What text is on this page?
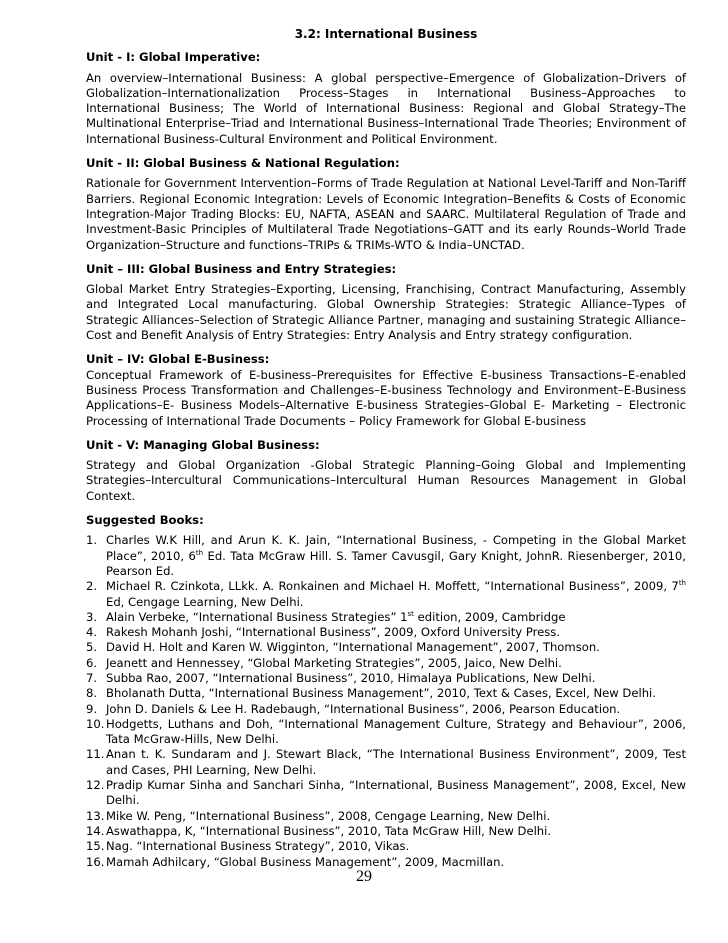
3.2: International Business
Unit - I: Global Imperative:
An overview–International Business: A global perspective–Emergence of Globalization–Drivers of Globalization–Internationalization Process–Stages in International Business–Approaches to International Business; The World of International Business: Regional and Global Strategy–The Multinational Enterprise–Triad and International Business–International Trade Theories; Environment of International Business-Cultural Environment and Political Environment.
Unit - II: Global Business & National Regulation:
Rationale for Government Intervention–Forms of Trade Regulation at National Level-Tariff and Non-Tariff Barriers. Regional Economic Integration: Levels of Economic Integration–Benefits & Costs of Economic Integration-Major Trading Blocks: EU, NAFTA, ASEAN and SAARC. Multilateral Regulation of Trade and Investment-Basic Principles of Multilateral Trade Negotiations–GATT and its early Rounds–World Trade Organization–Structure and functions–TRIPs & TRIMs-WTO & India–UNCTAD.
Unit – III: Global Business and Entry Strategies:
Global Market Entry Strategies–Exporting, Licensing, Franchising, Contract Manufacturing, Assembly and Integrated Local manufacturing. Global Ownership Strategies: Strategic Alliance–Types of Strategic Alliances–Selection of Strategic Alliance Partner, managing and sustaining Strategic Alliance–Cost and Benefit Analysis of Entry Strategies: Entry Analysis and Entry strategy configuration.
Unit – IV: Global E-Business:
Conceptual Framework of E-business–Prerequisites for Effective E-business Transactions–E-enabled Business Process Transformation and Challenges–E-business Technology and Environment–E-Business Applications–E- Business Models–Alternative E-business Strategies–Global E- Marketing – Electronic Processing of International Trade Documents – Policy Framework for Global E-business
Unit - V: Managing Global Business:
Strategy and Global Organization -Global Strategic Planning–Going Global and Implementing Strategies–Intercultural Communications–Intercultural Human Resources Management in Global Context.
Suggested Books:
1. Charles W.K Hill, and Arun K. K. Jain, “International Business, - Competing in the Global Market Place”, 2010, 6th Ed. Tata McGraw Hill. S. Tamer Cavusgil, Gary Knight, JohnR. Riesenberger, 2010, Pearson Ed.
2. Michael R. Czinkota, LLkk. A. Ronkainen and Michael H. Moffett, “International Business”, 2009, 7th Ed, Cengage Learning, New Delhi.
3. Alain Verbeke, “International Business Strategies” 1st edition, 2009, Cambridge
4. Rakesh Mohanh Joshi, “International Business”, 2009, Oxford University Press.
5. David H. Holt and Karen W. Wigginton, “International Management”, 2007, Thomson.
6. Jeanett and Hennessey, “Global Marketing Strategies”, 2005, Jaico, New Delhi.
7. Subba Rao, 2007, “International Business”, 2010, Himalaya Publications, New Delhi.
8. Bholanath Dutta, “International Business Management”, 2010, Text & Cases, Excel, New Delhi.
9. John D. Daniels & Lee H. Radebaugh, “International Business”, 2006, Pearson Education.
10. Hodgetts, Luthans and Doh, “International Management Culture, Strategy and Behaviour”, 2006, Tata McGraw-Hills, New Delhi.
11. Anan t. K. Sundaram and J. Stewart Black, “The International Business Environment”, 2009, Test and Cases, PHI Learning, New Delhi.
12. Pradip Kumar Sinha and Sanchari Sinha, “International, Business Management”, 2008, Excel, New Delhi.
13. Mike W. Peng, “International Business”, 2008, Cengage Learning, New Delhi.
14. Aswathappa, K, “International Business”, 2010, Tata McGraw Hill, New Delhi.
15. Nag. “International Business Strategy”, 2010, Vikas.
16. Mamah Adhilcary, “Global Business Management”, 2009, Macmillan.
29
